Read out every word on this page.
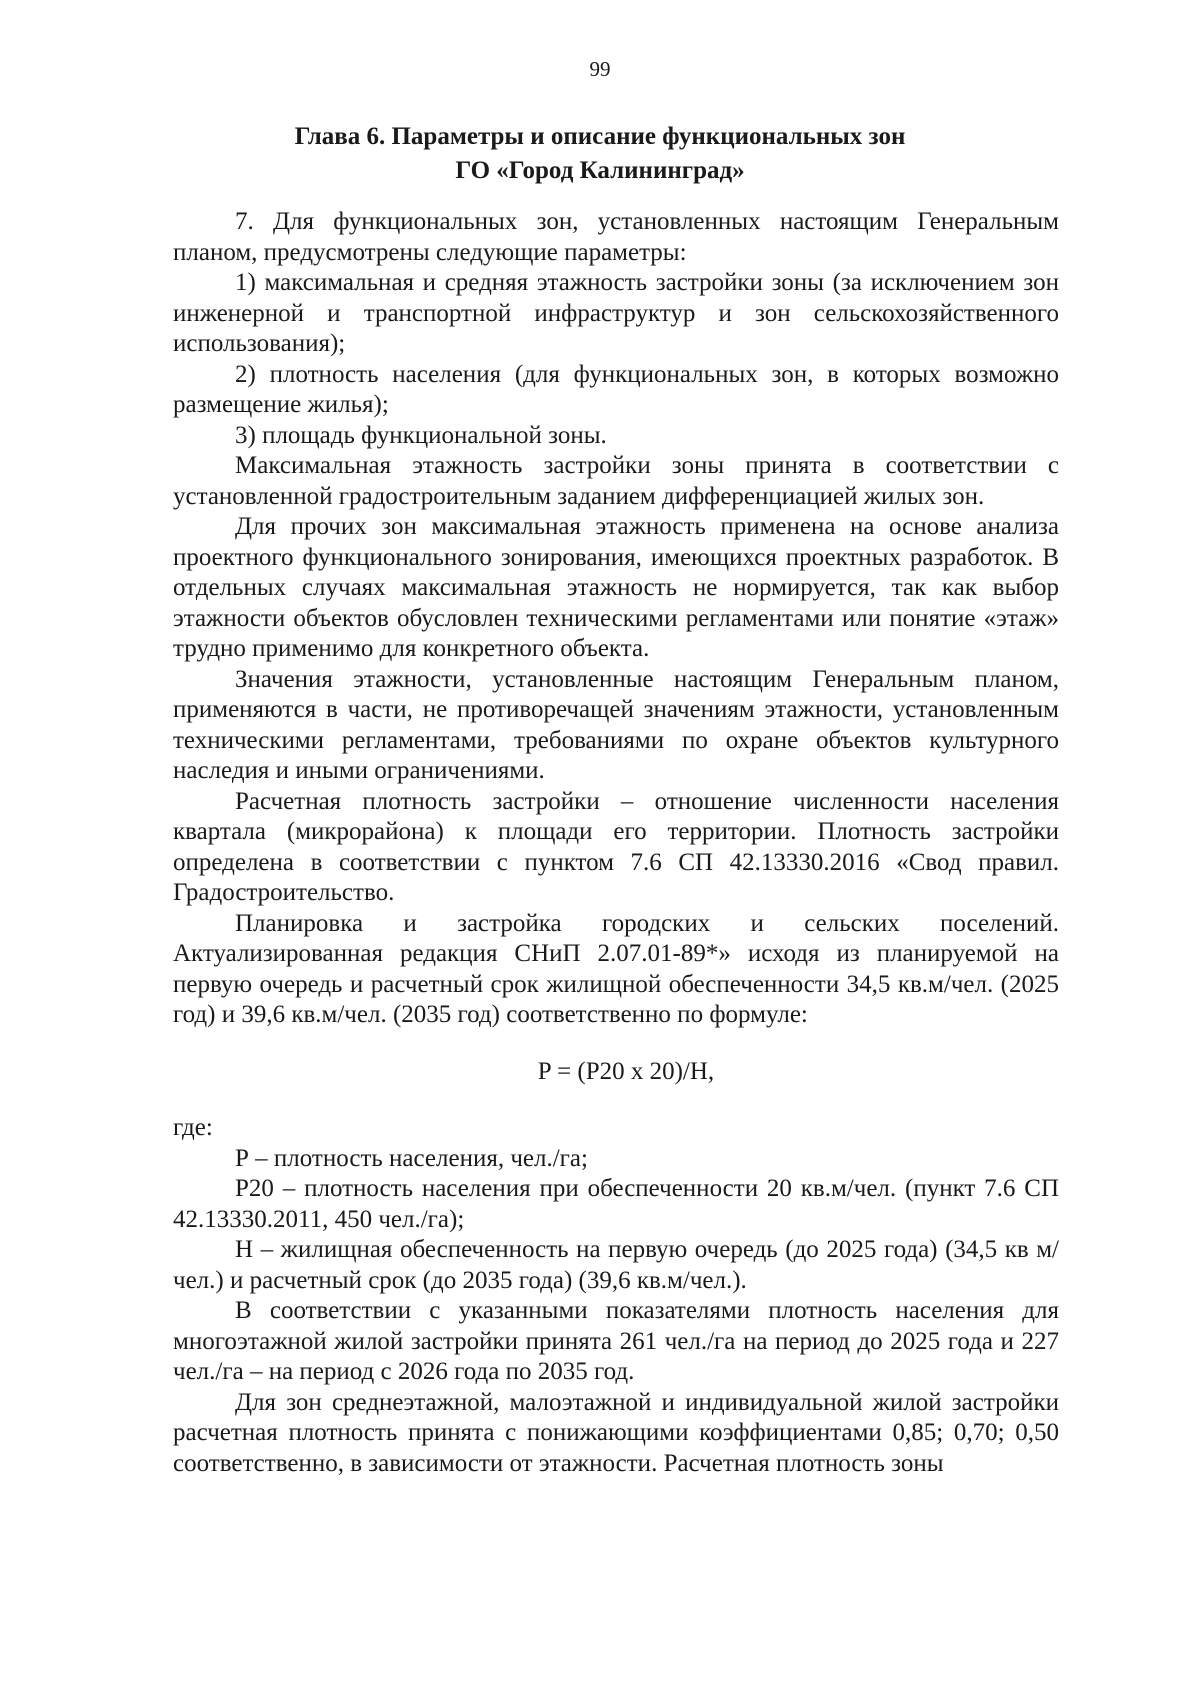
99
Глава 6. Параметры и описание функциональных зон
ГО «Город Калининград»

7. Для функциональных зон, установленных настоящим Генеральным планом, предусмотрены следующие параметры:

1) максимальная и средняя этажность застройки зоны (за исключением зон инженерной и транспортной инфраструктур и зон сельскохозяйственного использования);

2) плотность населения (для функциональных зон, в которых возможно размещение жилья);

3) площадь функциональной зоны.

Максимальная этажность застройки зоны принята в соответствии с установленной градостроительным заданием дифференциацией жилых зон.

Для прочих зон максимальная этажность применена на основе анализа проектного функционального зонирования, имеющихся проектных разработок. В отдельных случаях максимальная этажность не нормируется, так как выбор этажности объектов обусловлен техническими регламентами или понятие «этаж» трудно применимо для конкретного объекта.

Значения этажности, установленные настоящим Генеральным планом, применяются в части, не противоречащей значениям этажности, установленным техническими регламентами, требованиями по охране объектов культурного наследия и иными ограничениями.

Расчетная плотность застройки – отношение численности населения квартала (микрорайона) к площади его территории. Плотность застройки определена в соответствии с пунктом 7.6 СП 42.13330.2016 «Свод правил. Градостроительство.

Планировка и застройка городских и сельских поселений. Актуализированная редакция СНиП 2.07.01-89*» исходя из планируемой на первую очередь и расчетный срок жилищной обеспеченности 34,5 кв.м/чел. (2025 год) и 39,6 кв.м/чел. (2035 год) соответственно по формуле:

P = (P20 x 20)/H,

где:

Р – плотность населения, чел./га;

Р20 – плотность населения при обеспеченности 20 кв.м/чел. (пункт 7.6 СП 42.13330.2011, 450 чел./га);

Н – жилищная обеспеченность на первую очередь (до 2025 года) (34,5 кв м/чел.) и расчетный срок (до 2035 года) (39,6 кв.м/чел.).

В соответствии с указанными показателями плотность населения для многоэтажной жилой застройки принята 261 чел./га на период до 2025 года и 227 чел./га – на период с 2026 года по 2035 год.

Для зон среднеэтажной, малоэтажной и индивидуальной жилой застройки расчетная плотность принята с понижающими коэффициентами 0,85; 0,70; 0,50 соответственно, в зависимости от этажности. Расчетная плотность зоны
